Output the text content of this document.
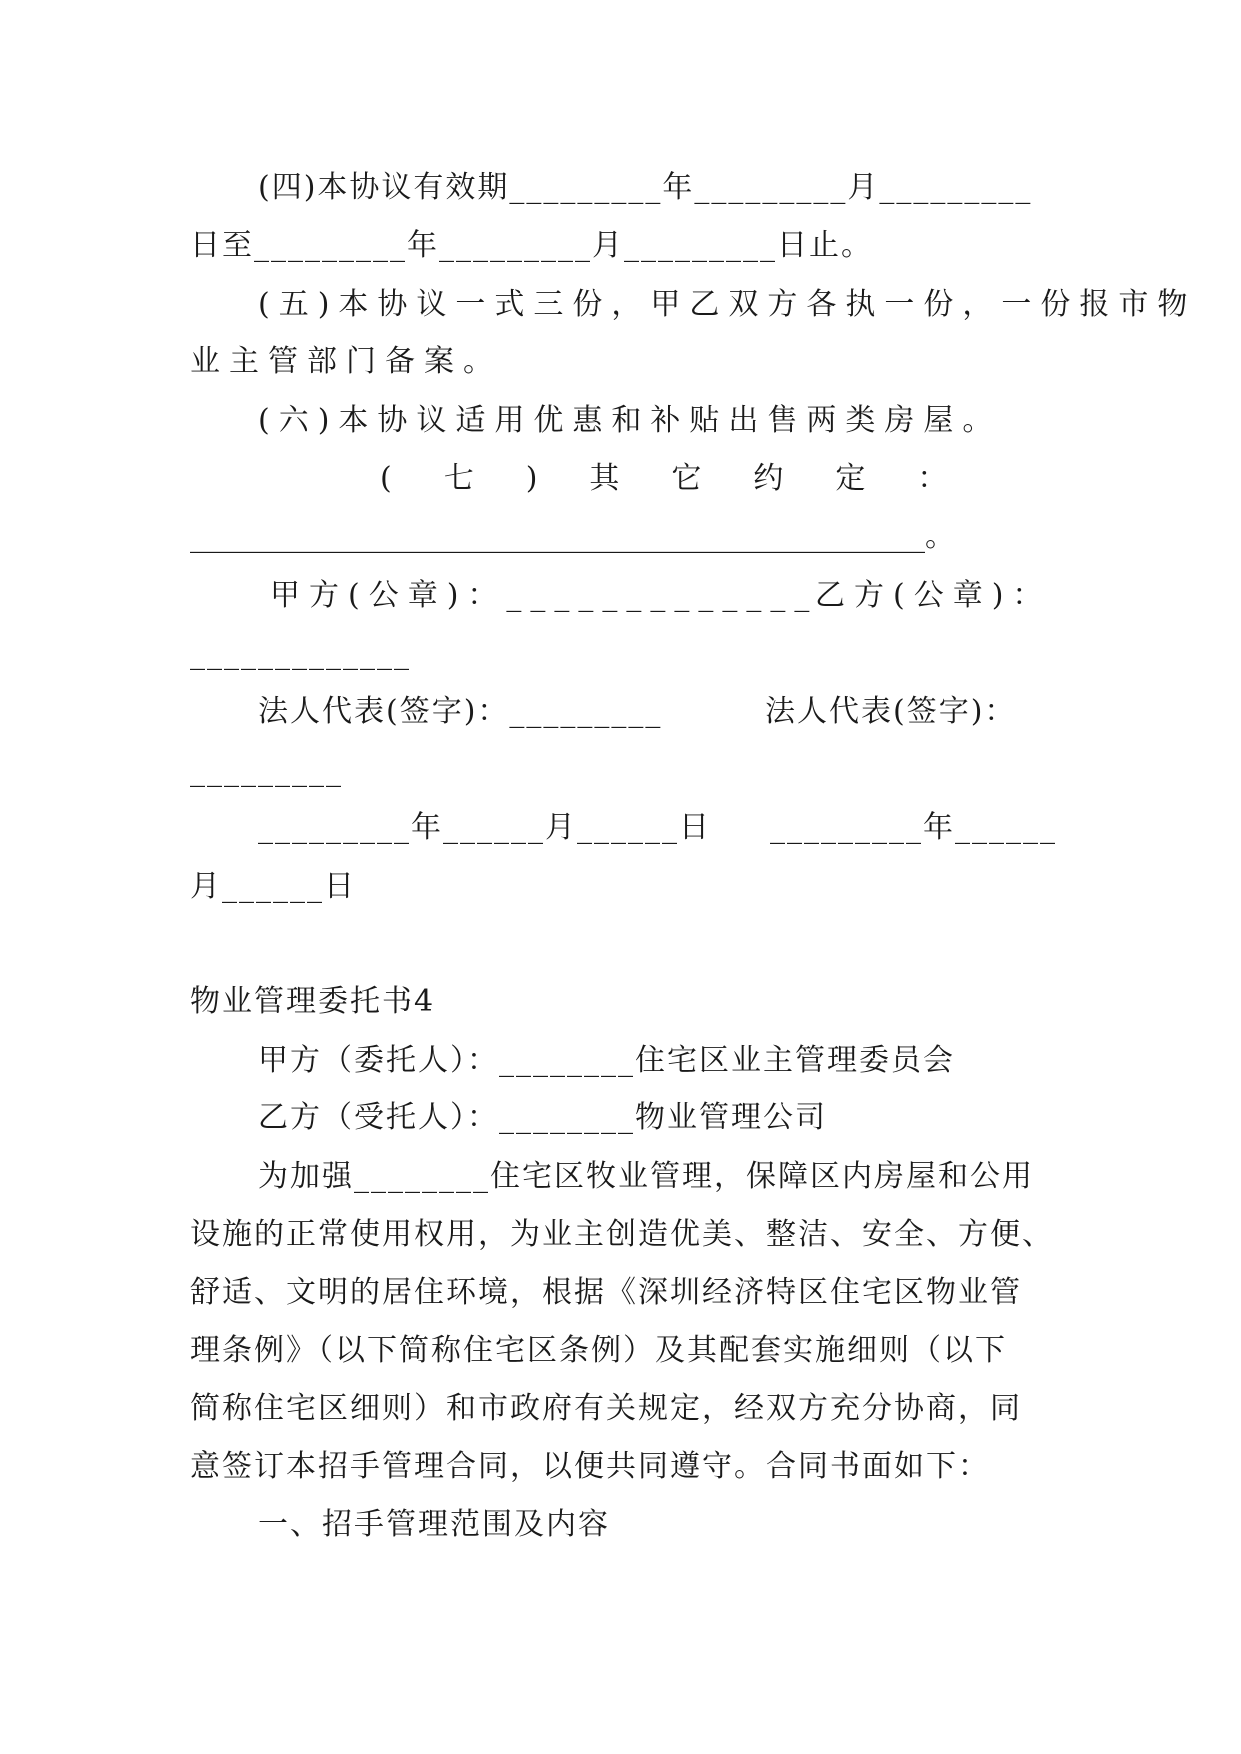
(四)本协议有效期_________年_________月_________
日至_________年_________月_________日止。
(五)本协议一式三份，甲乙双方各执一份，一份报市物
业主管部门备案。
(六)本协议适用优惠和补贴出售两类房屋。
(七)其它约定：
_________________________________________________。
甲方(公章)：_____________
乙方(公章)：
_____________
法人代表(签字)：_________	法人代表(签字)：
_________
_________年______月______日	_________年______
月______日
物业管理委托书4
甲方（委托人）：________住宅区业主管理委员会
乙方（受托人）：________物业管理公司
为加强________住宅区牧业管理，保障区内房屋和公用
设施的正常使用权用，为业主创造优美、整洁、安全、方便、
舒适、文明的居住环境，根据《深圳经济特区住宅区物业管
理条例》（以下简称住宅区条例）及其配套实施细则（以下
简称住宅区细则）和市政府有关规定，经双方充分协商，同
意签订本招手管理合同，以便共同遵守。合同书面如下：
一、招手管理范围及内容
